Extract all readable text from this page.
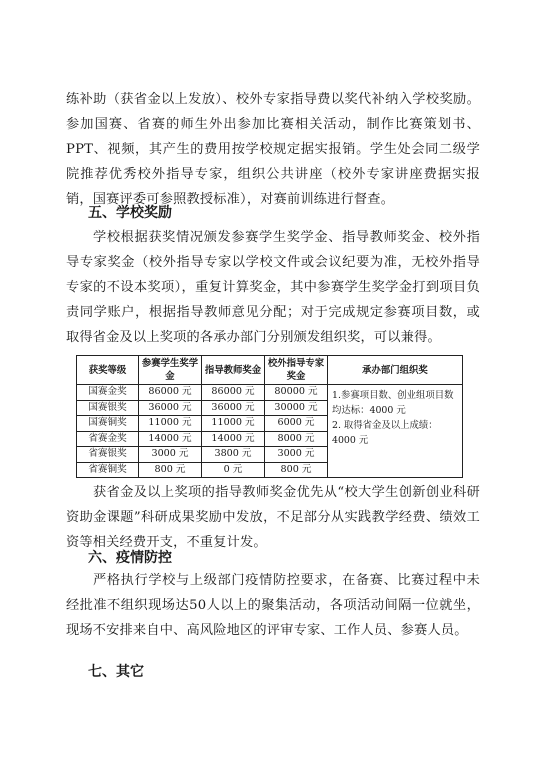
练补助（获省金以上发放）、校外专家指导费以奖代补纳入学校奖励。参加国赛、省赛的师生外出参加比赛相关活动，制作比赛策划书、PPT、视频，其产生的费用按学校规定据实报销。学生处会同二级学院推荐优秀校外指导专家，组织公共讲座（校外专家讲座费据实报销，国赛评委可参照教授标准），对赛前训练进行督查。
五、学校奖励
学校根据获奖情况颁发参赛学生奖学金、指导教师奖金、校外指导专家奖金（校外指导专家以学校文件或会议纪要为准，无校外指导专家的不设本奖项），重复计算奖金，其中参赛学生奖学金打到项目负责同学账户，根据指导教师意见分配；对于完成规定参赛项目数，或取得省金及以上奖项的各承办部门分别颁发组织奖，可以兼得。
获奖等级	参赛学生奖学金	指导教师奖金	校外指导专家奖金	承办部门组织奖
国赛金奖	86000 元	86000 元	80000 元	1.参赛项目数、创业组项目数均达标：4000 元
2. 取得省金及以上成绩：4000 元

国赛银奖	36000 元	36000 元	30000 元	
国赛铜奖	11000 元	11000 元	6000 元	
省赛金奖	14000 元	14000 元	8000 元	
省赛银奖	3000 元	3800 元	3000 元	
省赛铜奖	800 元	0 元	800 元	
获省金及以上奖项的指导教师奖金优先从“校大学生创新创业科研资助金课题”科研成果奖励中发放，不足部分从实践教学经费、绩效工资等相关经费开支，不重复计发。
六、疫情防控
严格执行学校与上级部门疫情防控要求，在备赛、比赛过程中未经批准不组织现场达50人以上的聚集活动，各项活动间隔一位就坐，现场不安排来自中、高风险地区的评审专家、工作人员、参赛人员。
七、其它
